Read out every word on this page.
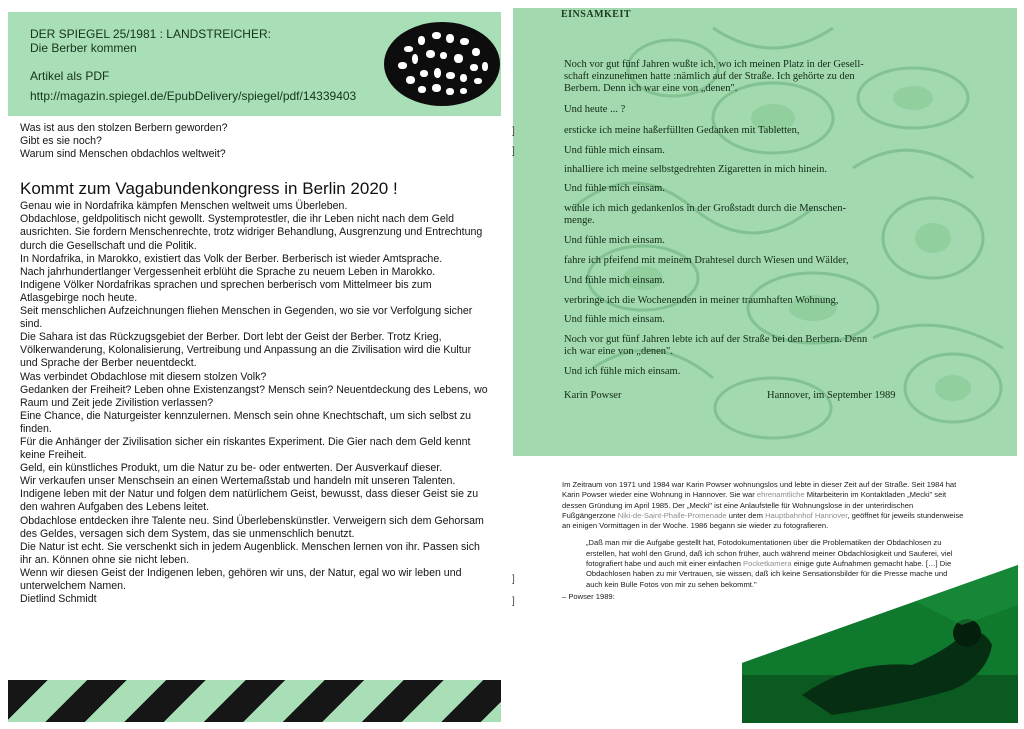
DER SPIEGEL 25/1981 : LANDSTREICHER:
Die Berber kommen
Artikel als PDF
http://magazin.spiegel.de/EpubDelivery/spiegel/pdf/14339403

Was ist aus den stolzen Berbern geworden?

Gibt es sie noch?

Warum sind Menschen obdachlos weltweit?

Kommt zum Vagabundenkongress in Berlin 2020 !

Genau wie in Nordafrika kämpfen Menschen weltweit ums Überleben.

Obdachlose, geldpolitisch nicht gewollt. Systemprotestler, die ihr Leben nicht nach dem Geld

ausrichten. Sie fordern Menschenrechte, trotz widriger Behandlung, Ausgrenzung und Entrechtung

durch die Gesellschaft und die Politik.

In Nordafrika, in Marokko, existiert das Volk der Berber. Berberisch ist wieder Amtsprache.

Nach jahrhundertlanger Vergessenheit erblüht die Sprache zu neuem Leben in Marokko.

Indigene Völker Nordafrikas sprachen und sprechen berberisch vom Mittelmeer bis zum

Atlasgebirge noch heute.

Seit menschlichen Aufzeichnungen fliehen Menschen in Gegenden, wo sie vor Verfolgung sicher

sind.

Die Sahara ist das Rückzugsgebiet der Berber. Dort lebt der Geist der Berber. Trotz Krieg,

Völkerwanderung, Kolonalisierung, Vertreibung und Anpassung an die Zivilisation wird die Kultur

und Sprache der Berber neuentdeckt.

Was verbindet Obdachlose mit diesem stolzen Volk?

Gedanken der Freiheit? Leben ohne Existenzangst? Mensch sein? Neuentdeckung des Lebens, wo

Raum und Zeit jede Zivilistion verlassen?

Eine Chance, die Naturgeister kennzulernen. Mensch sein ohne Knechtschaft, um sich selbst zu

finden.

Für die Anhänger der Zivilisation sicher ein riskantes Experiment. Die Gier nach dem Geld kennt

keine Freiheit.

Geld, ein künstliches Produkt, um die Natur zu be- oder entwerten. Der Ausverkauf dieser.

Wir verkaufen unser Menschsein an einen Wertemaßstab und handeln mit unseren Talenten.

Indigene leben mit der Natur und folgen dem natürlichem Geist, bewusst, dass dieser Geist sie zu

den wahren Aufgaben des Lebens leitet.

Obdachlose entdecken ihre Talente neu. Sind Überlebenskünstler. Verweigern sich dem Gehorsam

des Geldes, versagen sich dem System, das sie unmenschlich benutzt.

Die Natur ist echt. Sie verschenkt sich in jedem Augenblick. Menschen lernen von ihr. Passen sich

ihr an. Können ohne sie nicht leben.

Wenn wir diesen Geist der Indigenen leben, gehören wir uns, der Natur, egal wo wir leben und

unterwelchem Namen.

Dietlind Schmidt

EINSAMKEIT
Noch vor gut fünf Jahren wußte ich, wo ich meinen Platz in der Gesell-
schaft einzunehmen hatte :nämlich auf der Straße. Ich gehörte zu den
Berbern. Denn ich war eine von „denen".
Und heute ... ?
ersticke ich meine haßerfüllten Gedanken mit Tabletten,
Und fühle mich einsam.
inhalliere ich meine selbstgedrehten Zigaretten in mich hinein.
Und fühle mich einsam.
wühle ich mich gedankenlos in der Großstadt durch die Menschen-
menge.
Und fühle mich einsam.
fahre ich pfeifend mit meinem Drahtesel durch Wiesen und Wälder,
Und fühle mich einsam.
verbringe ich die Wochenenden in meiner traumhaften Wohnung,
Und fühle mich einsam.
Noch vor gut fünf Jahren lebte ich auf der Straße bei den Berbern. Denn
ich war eine von „denen".
Und ich fühle mich einsam.
Karin Powser	Hannover, im September 1989
]
]
]
]

Im Zeitraum von 1971 und 1984 war Karin Powser wohnungslos und lebte in dieser Zeit auf der Straße. Seit 1984 hat Karin Powser wieder eine Wohnung in Hannover. Sie war ehrenamtliche Mitarbeiterin im Kontaktladen „Mecki" seit dessen Gründung im April 1985. Der „Mecki" ist eine Anlaufstelle für Wohnungslose in der unterirdischen Fußgängerzone Niki-de-Saint-Phalle-Promenade unter dem Hauptbahnhof Hannover, geöffnet für jeweils stundenweise an einigen Vormittagen in der Woche. 1986 begann sie wieder zu fotografieren.

„Daß man mir die Aufgabe gestellt hat, Fotodokumentationen über die Problematiken der Obdachlosen zu erstellen, hat wohl den Grund, daß ich schon früher, auch während meiner Obdachlosigkeit und Sauferei, viel fotografiert habe und auch mit einer einfachen Pocketkamera einige gute Aufnahmen gemacht habe. […] Die Obdachlosen haben zu mir Vertrauen, sie wissen, daß ich keine Sensationsbilder für die Presse mache und auch kein Bulle Fotos von mir zu sehen bekommt."

– Powser 1989:
